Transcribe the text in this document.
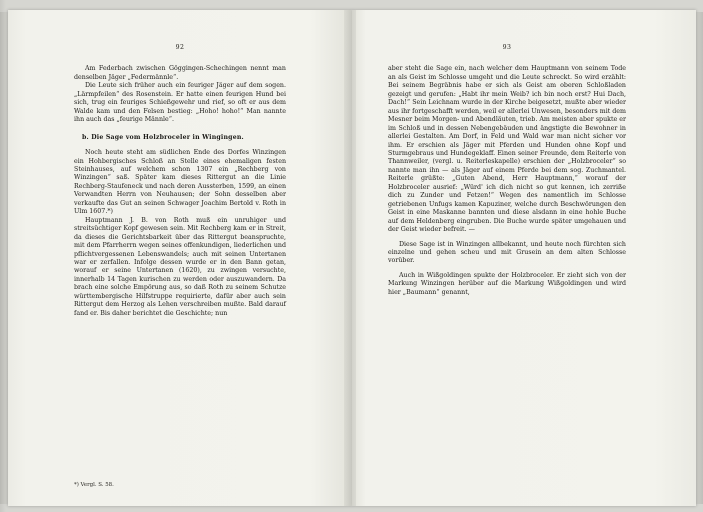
92

Am Federbach zwischen Göggingen-Schechingen nennt man denselben Jäger „Federmännle“.

Die Leute sich früher auch ein feuriger Jäger auf dem sogen. „Lärmpfeilen“ des Rosenstein. Er hatte einen feurigen Hund bei sich, trug ein feuriges Schießgewehr und rief, so oft er aus dem Walde kam und den Felsen bestieg: „Hoho! hoho!“ Man nannte ihn auch das „feurige Männle“.

b. Die Sage vom Holzbroceler in Wingingen.

Noch heute steht am südlichen Ende des Dorfes Winzingen ein Hohbergisches Schloß an Stelle eines ehemaligen festen Steinhauses, auf welchem schon 1307 ein „Rechberg von Winzingen“ saß. Später kam dieses Rittergut an die Linie Rechberg-Staufeneck und nach deren Aussterben, 1599, an einen Verwandten Herrn von Neuhausen; der Sohn desselben aber verkaufte das Gut an seinen Schwager Joachim Bertold v. Roth in Ulm 1607.*)

Hauptmann J. B. von Roth muß ein unruhiger und streitsüchtiger Kopf gewesen sein. Mit Rechberg kam er in Streit, da dieses die Gerichtsbarkeit über das Rittergut beanspruchte, mit dem Pfarrherrn wegen seines offenkundigen, liederlichen und pflichtvergessenen Lebenswandels; auch mit seinen Untertanen war er zerfallen. Infolge dessen wurde er in den Bann getan, worauf er seine Untertanen (1620), zu zwingen versuchte, innerhalb 14 Tagen kurischen zu werden oder auszuwandern. Da brach eine solche Empörung aus, so daß Roth zu seinem Schutze württembergische Hilfstruppe requirierte, dafür aber auch sein Rittergut dem Herzog als Lehen verschreiben mußte. Bald darauf fand er. Bis daher berichtet die Geschichte; nun

*) Vergl. S. 58.
93

aber steht die Sage ein, nach welcher dem Hauptmann von seinem Tode an als Geist im Schlosse umgeht und die Leute schreckt. So wird erzählt: Bei seinem Begräbnis habe er sich als Geist am oberen Schloßladen gezeigt und gerufen: „Habt ihr mein Weib? ich bin noch erst? Hui Dach, Dach!“ Sein Leichnam wurde in der Kirche beigesetzt, mußte aber wieder aus ihr fortgeschafft werden, weil er allerlei Unwesen, besonders mit dem Mesner beim Morgen- und Abendläuten, trieb. Am meisten aber spukte er im Schloß und in dessen Nebengebäuden und ängstigte die Bewohner in allerlei Gestalten. Am Dorf, in Feld und Wald war man nicht sicher vor ihm. Er erschien als Jäger mit Pferden und Hunden ohne Kopf und Sturmgebraus und Hundegeklaff. Einen seiner Freunde, dem Reiterle von Thannweiler, (vergl. u. Reiterleskapelle) erschien der „Holzbroceler“ so nannte man ihn — als Jäger auf einem Pferde bei dem sog. Zuchmantel. Reiterle grüßte: „Guten Abend, Herr Hauptmann,“ worauf der Holzbroceler ausrief: „Würd' ich dich nicht so gut kennen, ich zerriße dich zu Zunder und Fetzen!“ Wegen des namentlich im Schlosse getriebenen Unfugs kamen Kapuziner, welche durch Beschwörungen den Geist in eine Maskanne bannten und diese alsdann in eine hohle Buche auf dem Heldenberg eingruben. Die Buche wurde später umgehauen und der Geist wieder befreit. —

Diese Sage ist in Winzingen allbekannt, und heute noch fürchten sich einzelne und gehen scheu und mit Grusein an dem alten Schlosse vorüber.

Auch in Wißgoldingen spukte der Holzbroceler. Er zieht sich von der Markung Winzingen herüber auf die Markung Wißgoldingen und wird hier „Baumann“ genannt,
